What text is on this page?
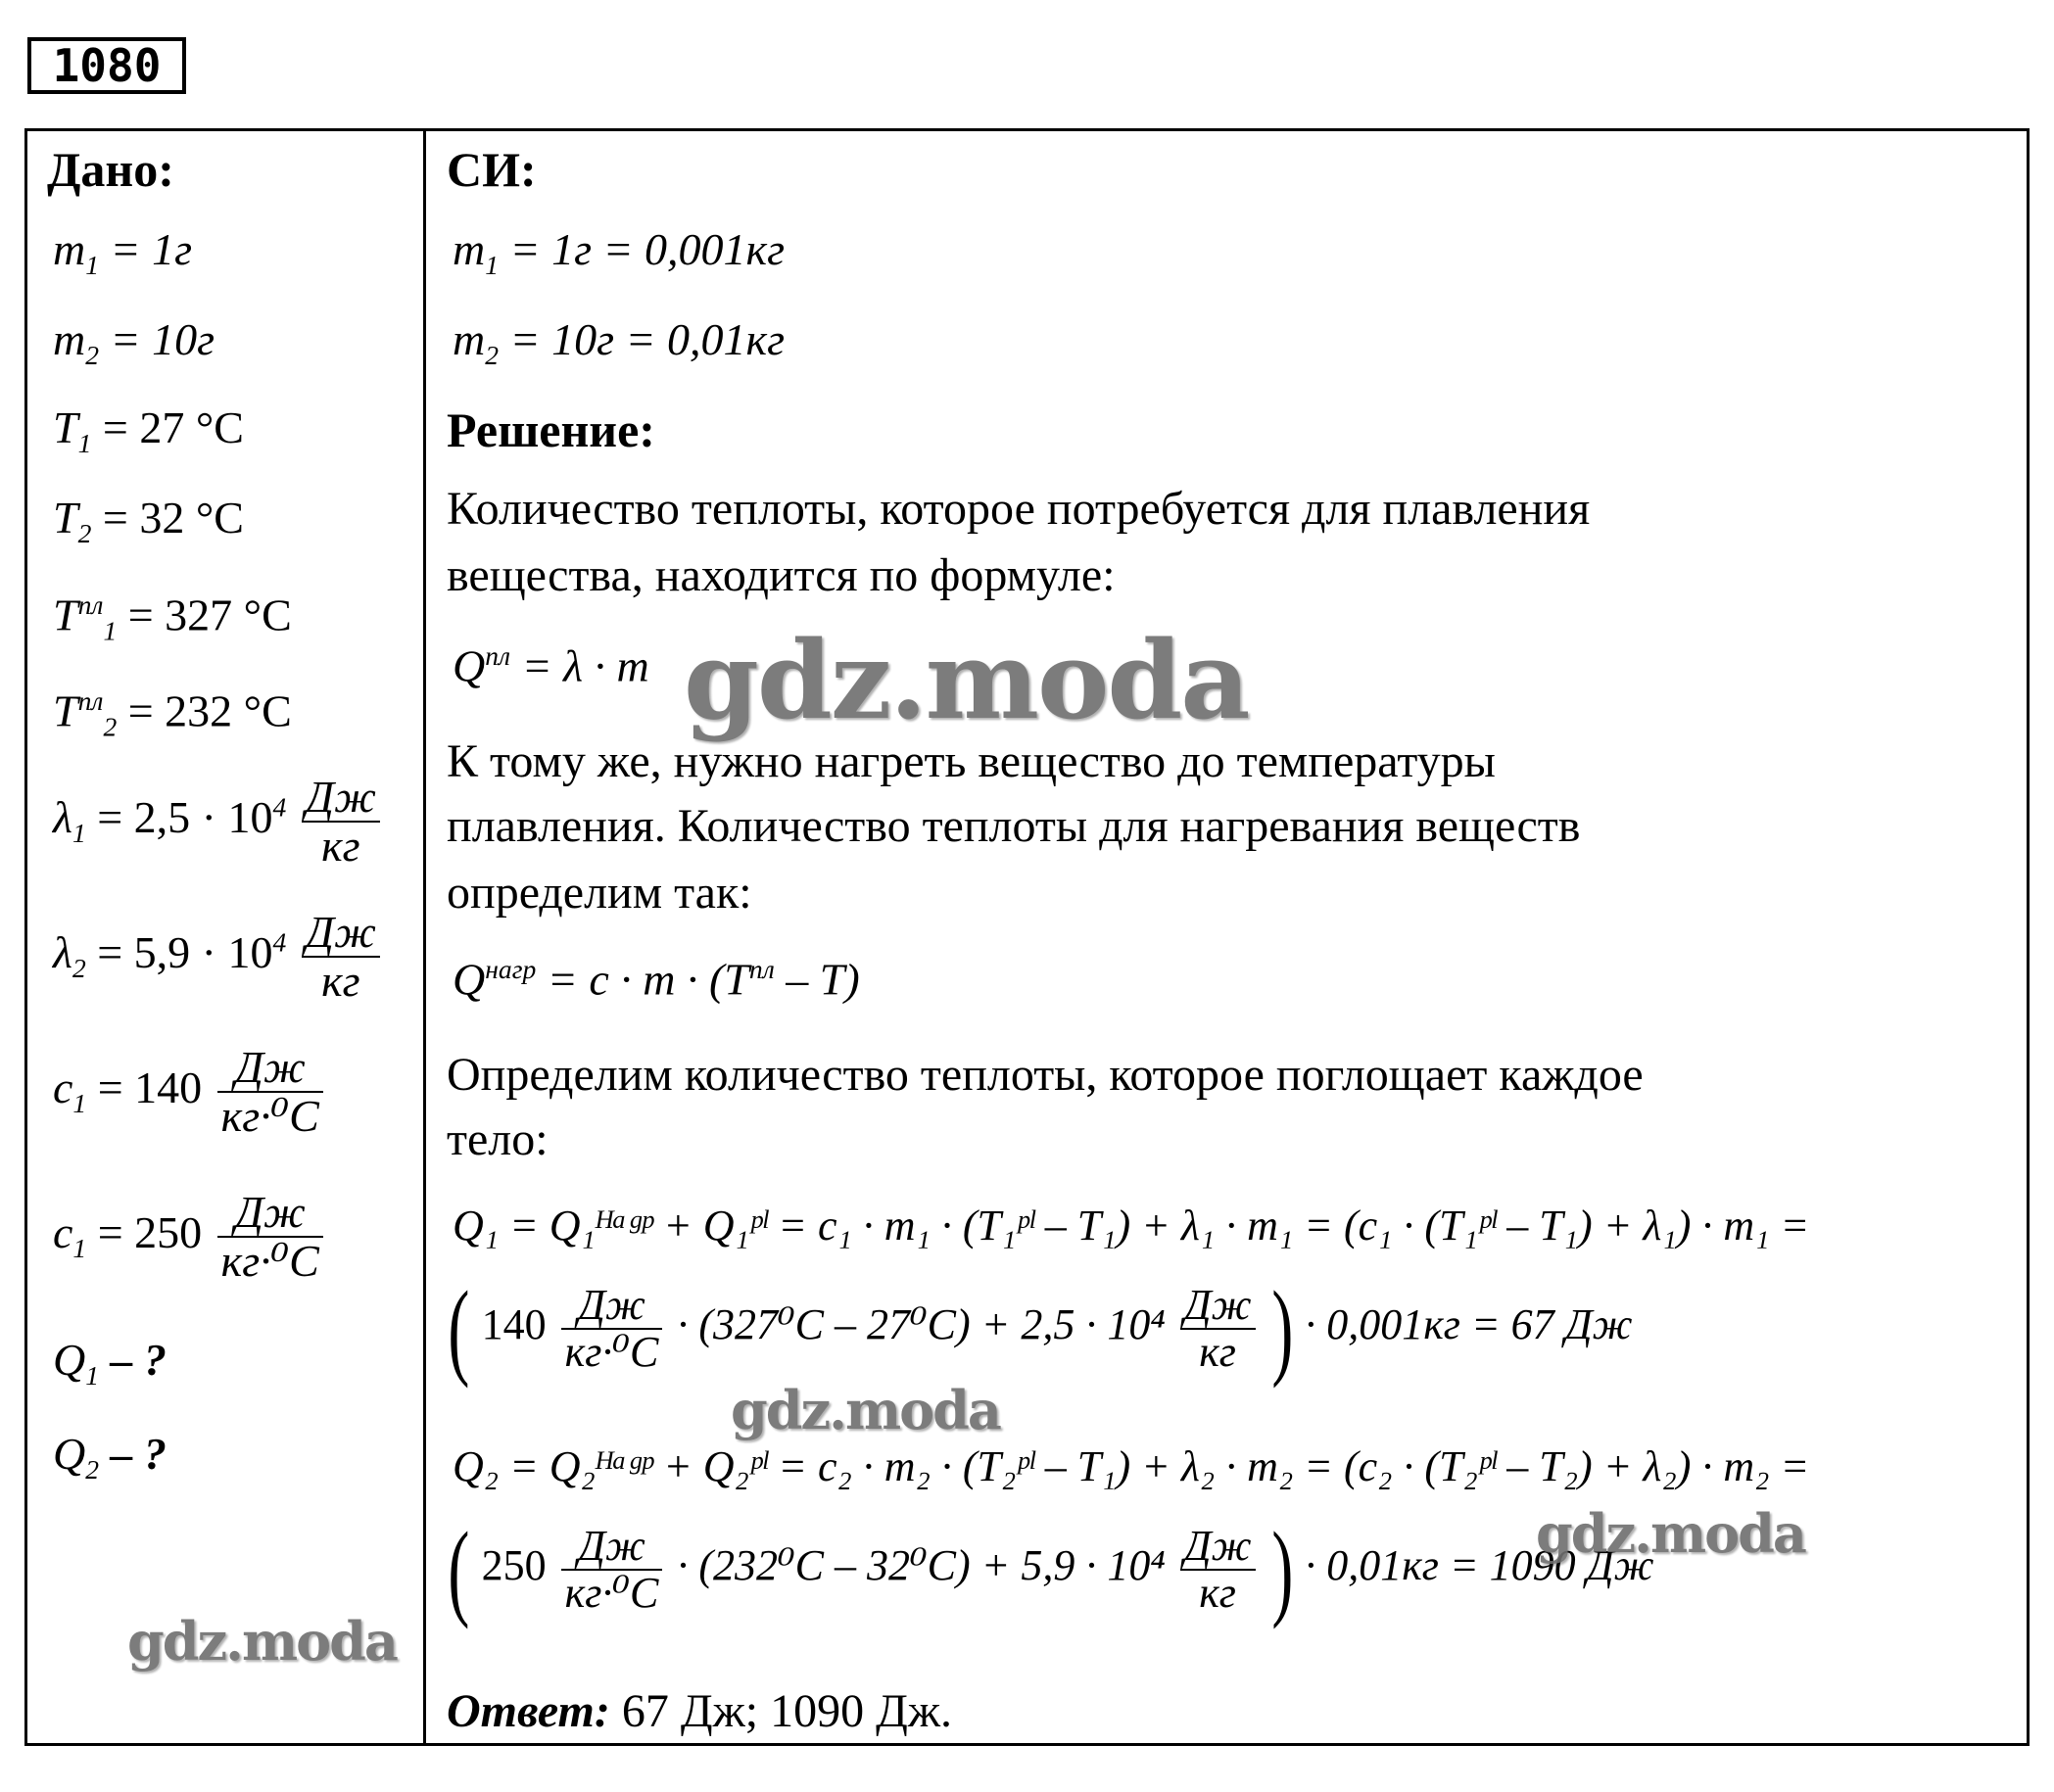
1080
Дано:
$m_1 = 1г$
$m_2 = 10г$
$T_1 = 27$ °C
$T_2 = 32$ °C
$T^{пл}_1 = 327$ °C
$T^{пл}_2 = 232$ °C
$\lambda_1 = 2,5 \cdot 10^4 \frac{Дж}{кг}$
$\lambda_2 = 5,9 \cdot 10^4 \frac{Дж}{кг}$
$c_1 = 140 \frac{Дж}{\text{кг·⁰C}}$
$c_1 = 250 \frac{Дж}{\text{кг·⁰C}}$
$Q_1$ – ?
$Q_2$ – ?
СИ:
$m_1 = 1г = 0,001кг$
$m_2 = 10г = 0,01кг$
Решение:
Количество теплоты, которое потребуется для плавления
вещества, находится по формуле:
$Q^{пл} = \lambda \cdot m$
К тому же, нужно нагреть вещество до температуры
плавления. Количество теплоты для нагревания веществ
определим так:
$Q^{нагр} = c \cdot m \cdot (T^{пл} - T)$
Определим количество теплоты, которое поглощает каждое
тело:
Q₁ = Q₁ᴴᵃᵍᵖ + Q₁ᵖˡ = c₁ · m₁ · (T₁ᵖˡ – T₁) + λ₁ · m₁ = (c₁ · (T₁ᵖˡ – T₁) + λ₁) · m₁ =
( $140 \frac{Дж}{\text{кг·⁰C}} \cdot (327^0C - 27^0C) + 2,5 \cdot 10^4 \frac{Дж}{кг}$ ) · 0,001кг = 67 Дж
Q₂ = Q₂ᴴᵃᵍᵖ + Q₂ᵖˡ = c₂ · m₂ · (T₂ᵖˡ – T₁) + λ₂ · m₂ = (c₂ · (T₂ᵖˡ – T₂) + λ₂) · m₂ =
( $250 \frac{Дж}{\text{кг·⁰C}} \cdot (232^0C - 32^0C) + 5,9 \cdot 10^4 \frac{Дж}{кг}$ ) · 0,01кг = 1090 Дж
Ответ: 67 Дж; 1090 Дж.
gdz.moda
gdz.moda
gdz.moda
gdz.moda
